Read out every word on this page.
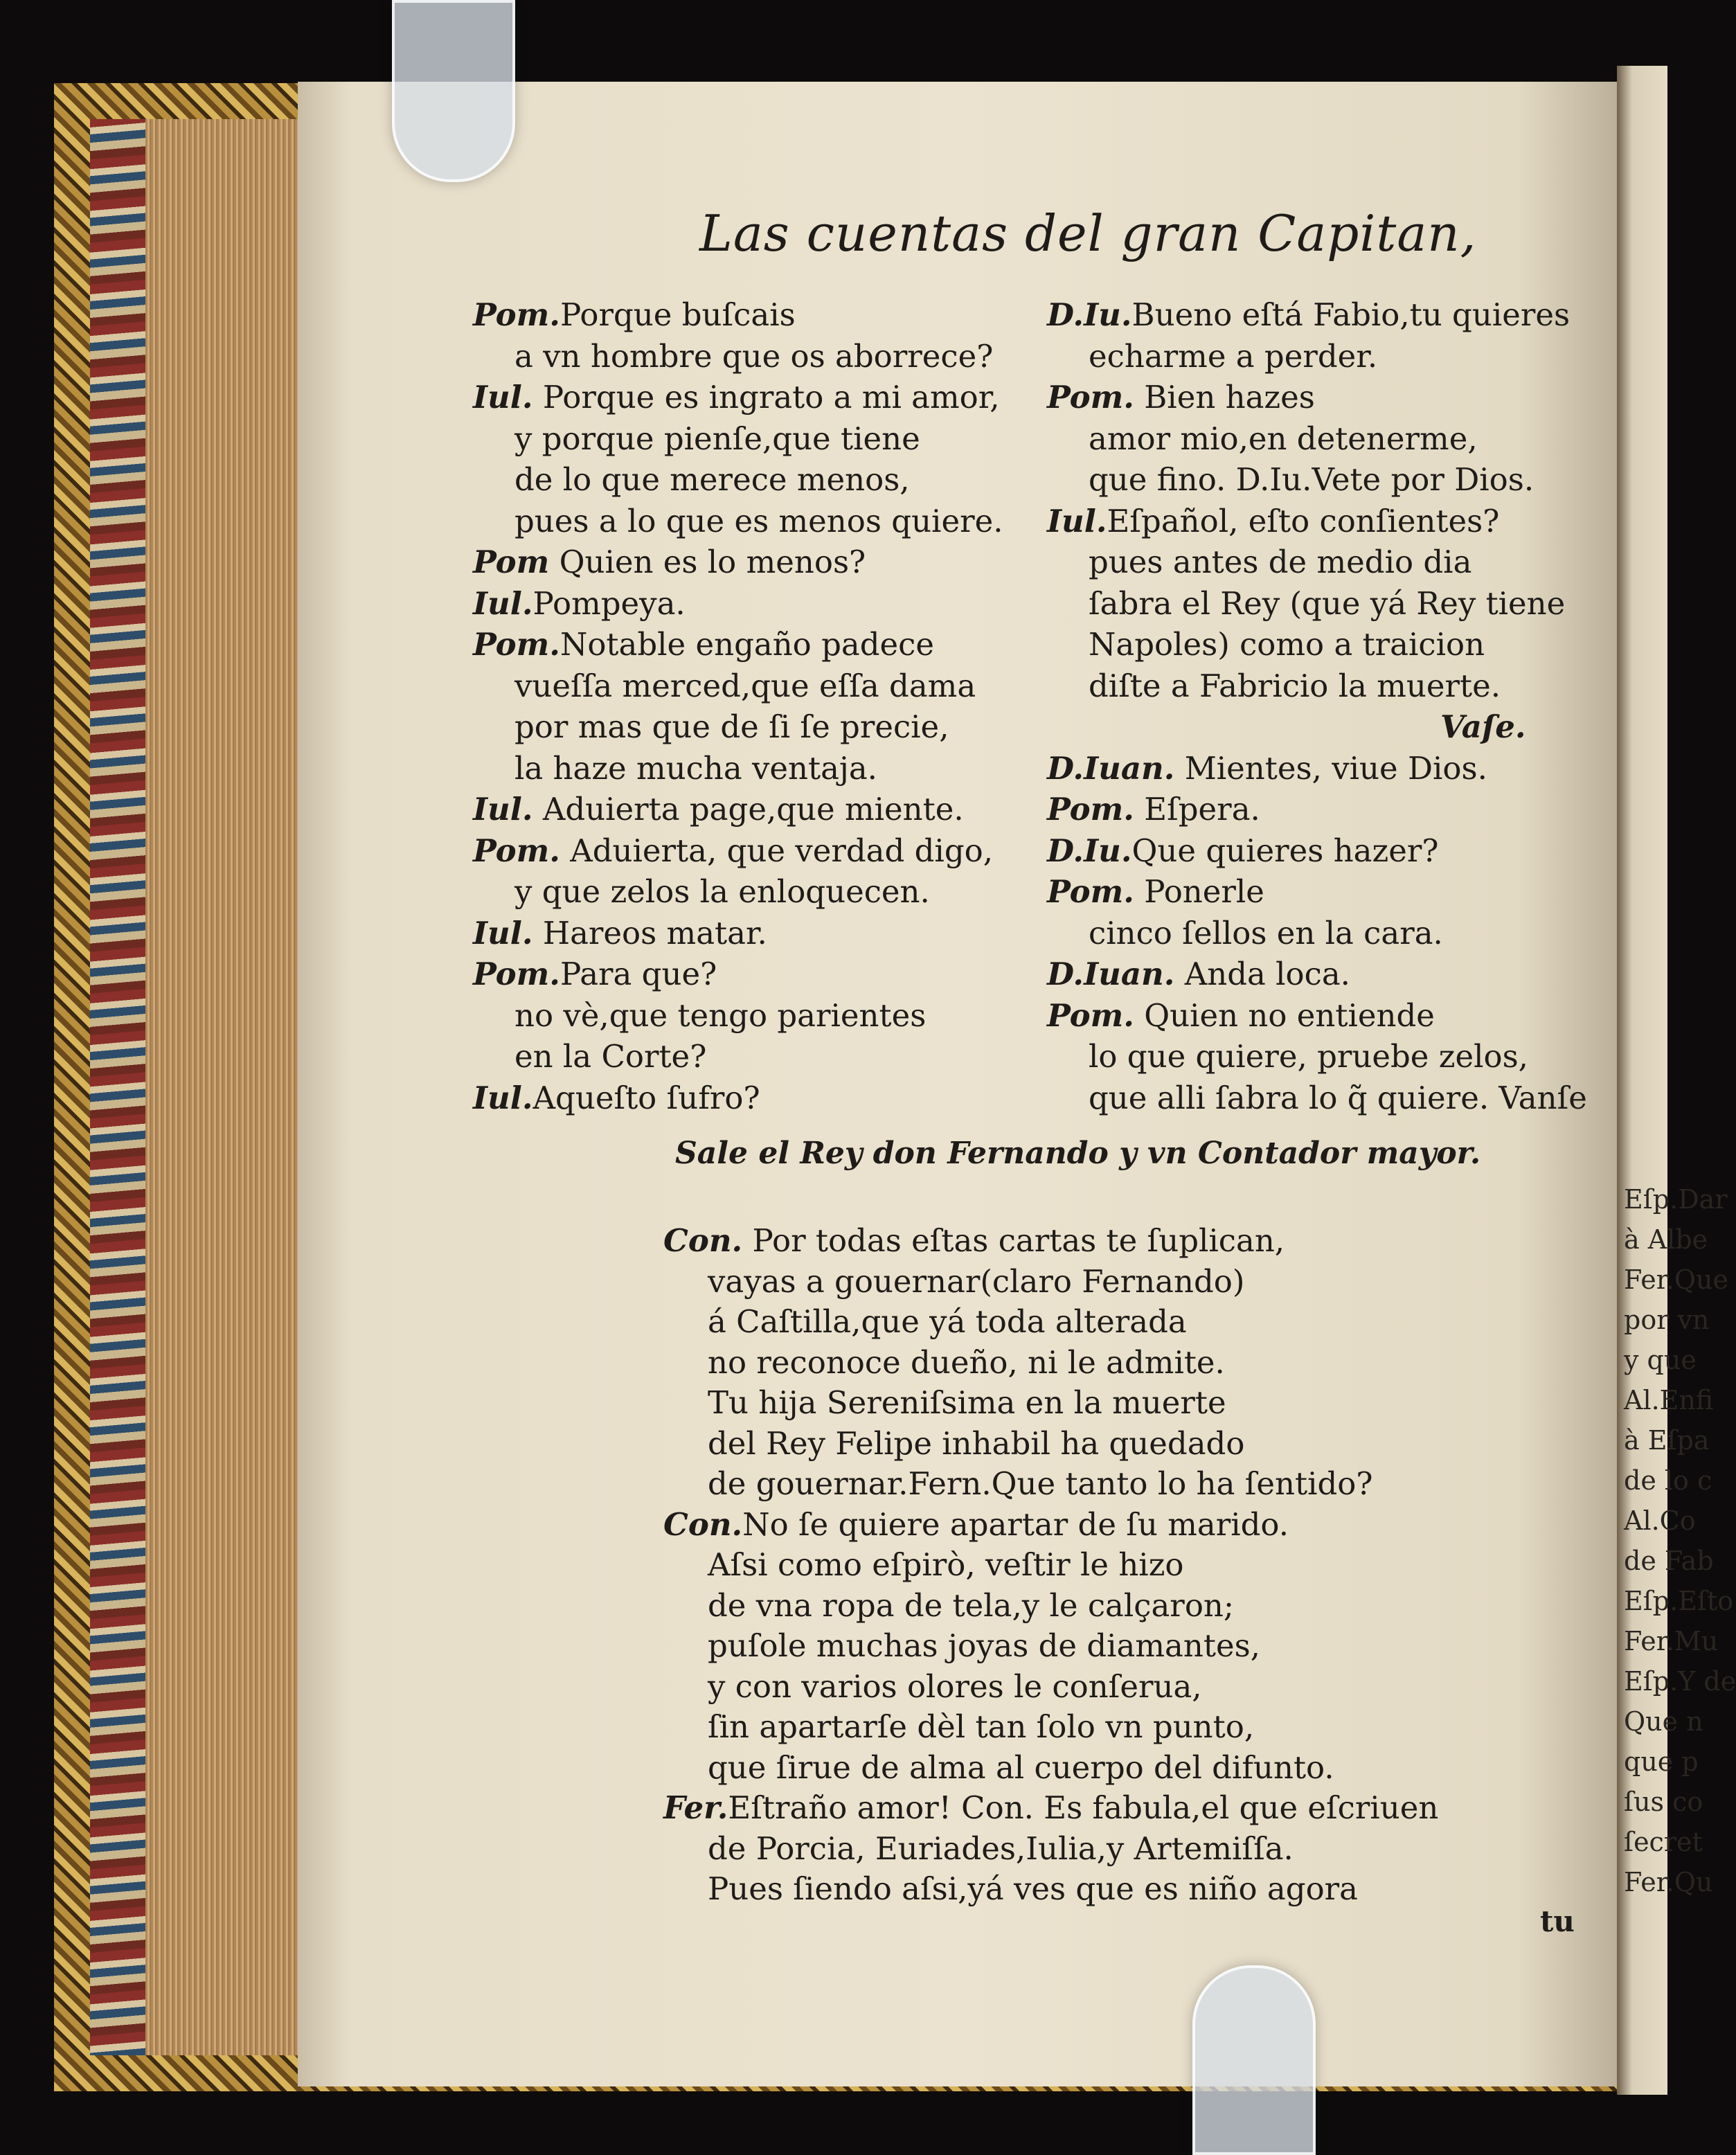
Eſp.Dar
à Albe
Fer.Que
por vn
y que
Al.Enfi
à Eſpa
de lo c
Al.Co
de Fab
Eſp.Eſto
Fer.Mu
Eſp.Y de
Que n
que p
ſus co
ſecret
Fer.Qu
Las cuentas del gran Capitan,
Pom.Porque buſcais
a vn hombre que os aborrece?
Iul. Porque es ingrato a mi amor,
y porque pienſe,que tiene
de lo que merece menos,
pues a lo que es menos quiere.
Pom Quien es lo menos?
Iul.Pompeya.
Pom.Notable engaño padece
vueſſa merced,que eſſa dama
por mas que de ſi ſe precie,
la haze mucha ventaja.
Iul. Aduierta page,que miente.
Pom. Aduierta, que verdad digo,
y que zelos la enloquecen.
Iul. Hareos matar.
Pom.Para que?
no vè,que tengo parientes
en la Corte?
Iul.Aqueſto ſufro?
D.Iu.Bueno eſtá Fabio,tu quieres
echarme a perder.
Pom. Bien hazes
amor mio,en detenerme,
que fino. D.Iu.Vete por Dios.
Iul.Eſpañol, eſto conſientes?
pues antes de medio dia
ſabra el Rey (que yá Rey tiene
Napoles) como a traicion
diſte a Fabricio la muerte.
Vaſe.
D.Iuan. Mientes, viue Dios.
Pom. Eſpera.
D.Iu.Que quieres hazer?
Pom. Ponerle
cinco ſellos en la cara.
D.Iuan. Anda loca.
Pom. Quien no entiende
lo que quiere, pruebe zelos,
que alli ſabra lo q̃ quiere. Vanſe
Sale el Rey don Fernando y vn Contador mayor.
Con. Por todas eſtas cartas te ſuplican,
vayas a gouernar(claro Fernando)
á Caſtilla,que yá toda alterada
no reconoce dueño, ni le admite.
Tu hija Sereniſsima en la muerte
del Rey Felipe inhabil ha quedado
de gouernar.Fern.Que tanto lo ha ſentido?
Con.No ſe quiere apartar de ſu marido.
Aſsi como eſpirò, veſtir le hizo
de vna ropa de tela,y le calçaron;
puſole muchas joyas de diamantes,
y con varios olores le conſerua,
ſin apartarſe dèl tan ſolo vn punto,
que ſirue de alma al cuerpo del difunto.
Fer.Eſtraño amor! Con. Es fabula,el que eſcriuen
de Porcia, Euriades,Iulia,y Artemiſſa.
Pues ſiendo aſsi,yá ves que es niño agora
tu
